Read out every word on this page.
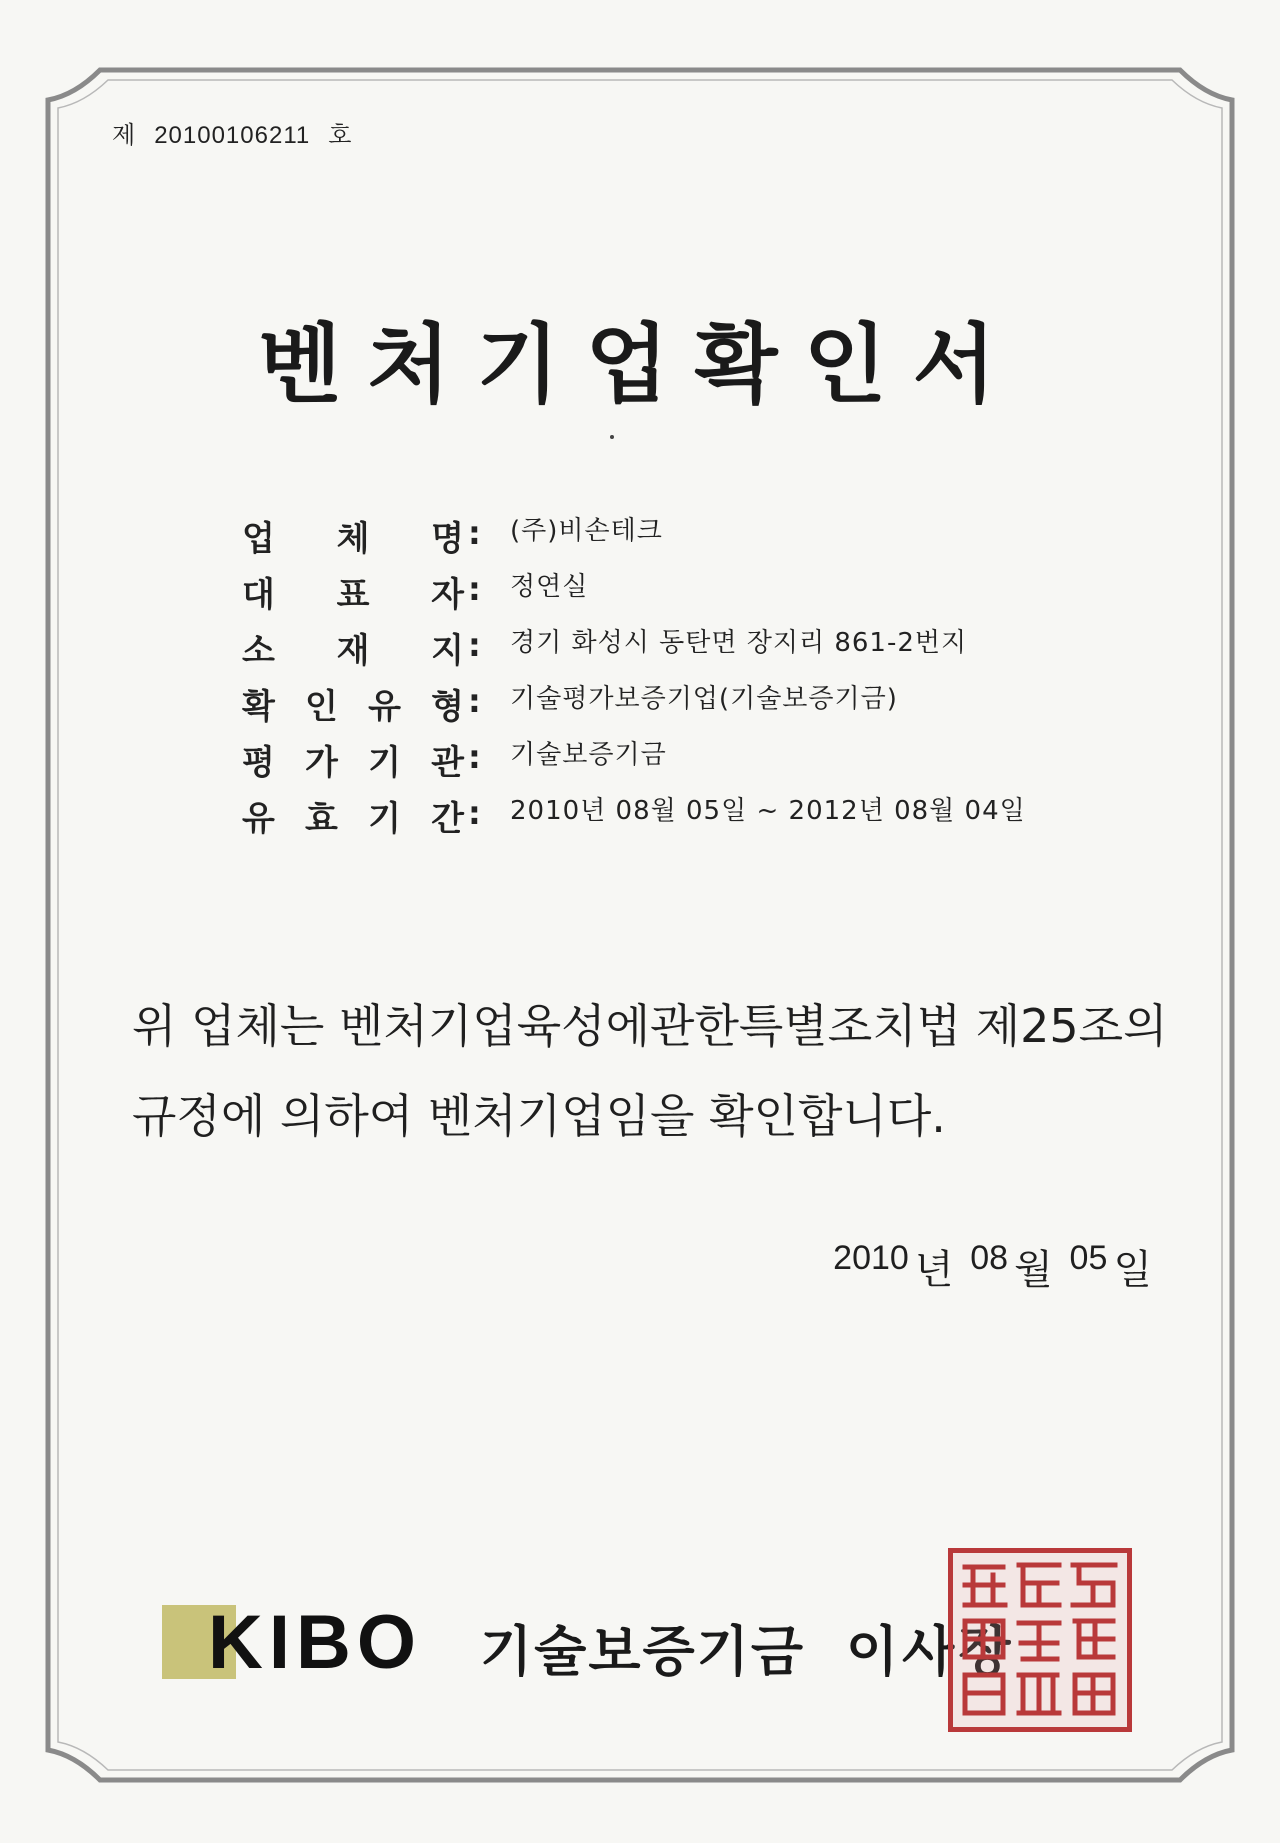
제 20100106211 호
벤처기업확인서
업 체 명 : (주)비손테크
대 표 자 : 정연실
소 재 지 : 경기 화성시 동탄면 장지리 861-2번지
확 인 유 형 : 기술평가보증기업(기술보증기금)
평 가 기 관 : 기술보증기금
유 효 기 간 : 2010년 08월 05일 ~ 2012년 08월 04일
위 업체는 벤처기업육성에관한특별조치법 제25조의
규정에 의하여 벤처기업임을 확인합니다.
2010 년 08 월 05 일
KIBO 기술보증기금 이사장
